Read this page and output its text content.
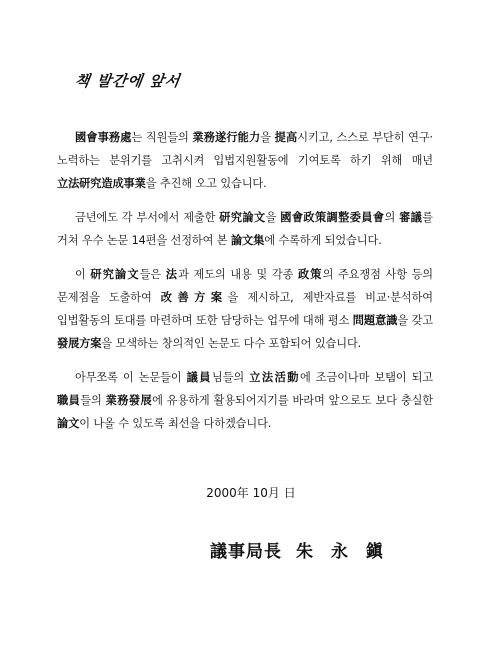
책 발간에 앞서

國會事務處는 직원들의 業務遂行能力을 提高시키고, 스스로 부단히 연구·노력하는 분위기를 고취시켜 입법지원활동에 기여토록 하기 위해 매년 立法研究造成事業을 추진해 오고 있습니다.

금년에도 각 부서에서 제출한 研究論文을 國會政策調整委員會의 審議를 거쳐 우수 논문 14편을 선정하여 본 論文集에 수록하게 되었습니다.

이 研究論文들은 法과 제도의 내용 및 각종 政策의 주요쟁점 사항 등의 문제점을 도출하여 改善方案을 제시하고, 제반자료를 비교·분석하여 입법활동의 토대를 마련하며 또한 담당하는 업무에 대해 평소 問題意識을 갖고 發展方案을 모색하는 창의적인 논문도 다수 포함되어 있습니다.

아무쪼록 이 논문들이 議員님들의 立法活動에 조금이나마 보탬이 되고 職員들의 業務發展에 유용하게 활용되어지기를 바라며 앞으로도 보다 충실한 論文이 나올 수 있도록 최선을 다하겠습니다.

2000年 10月 日
議事局長 朱 永 鎭
